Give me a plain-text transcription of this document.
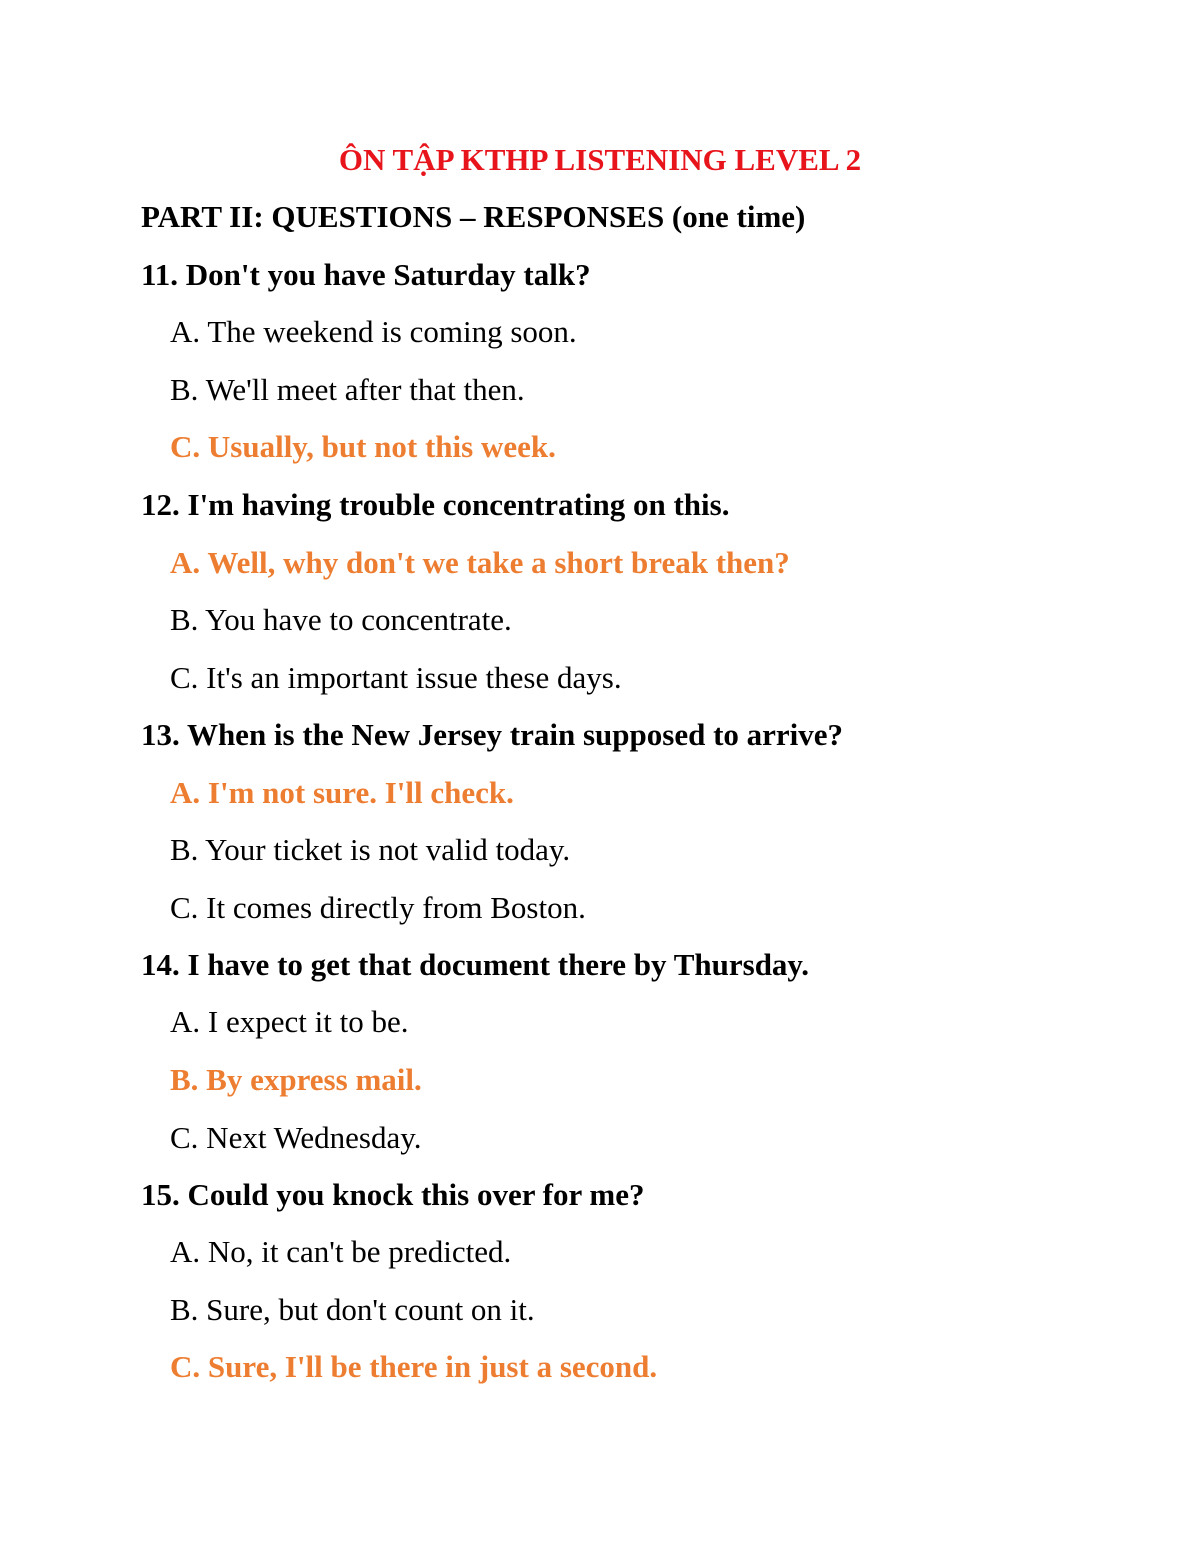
ÔN TẬP KTHP LISTENING LEVEL 2
PART II: QUESTIONS – RESPONSES (one time)
11. Don't you have Saturday talk?
A. The weekend is coming soon.
B. We'll meet after that then.
C. Usually, but not this week.
12. I'm having trouble concentrating on this.
A. Well, why don't we take a short break then?
B. You have to concentrate.
C. It's an important issue these days.
13. When is the New Jersey train supposed to arrive?
A. I'm not sure. I'll check.
B. Your ticket is not valid today.
C. It comes directly from Boston.
14. I have to get that document there by Thursday.
A. I expect it to be.
B. By express mail.
C. Next Wednesday.
15. Could you knock this over for me?
A. No, it can't be predicted.
B. Sure, but don't count on it.
C. Sure, I'll be there in just a second.
